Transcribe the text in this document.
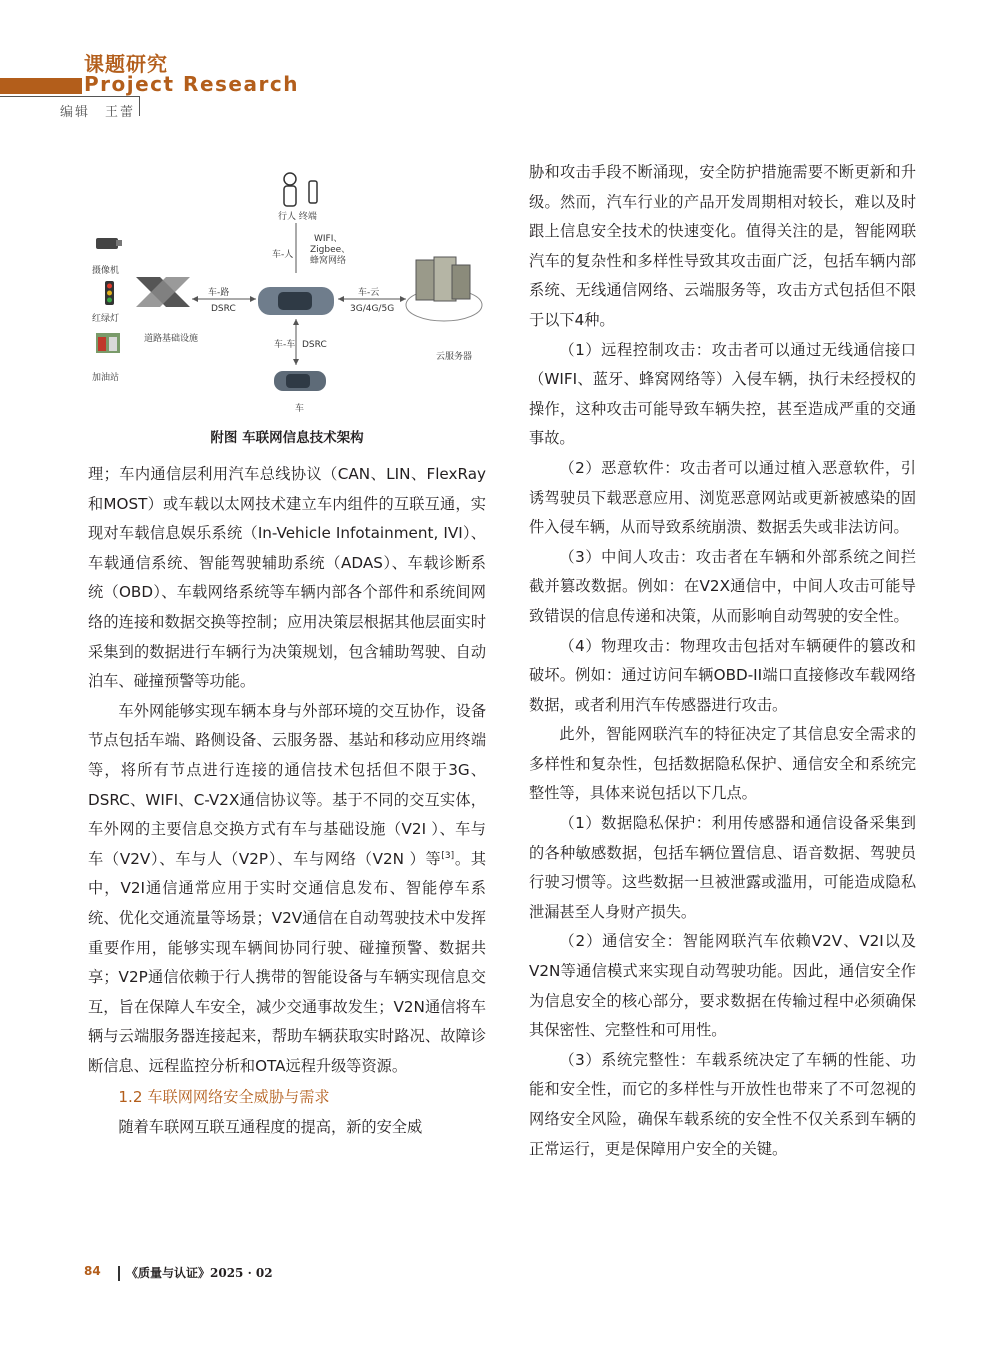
课题研究
Project Research
编辑　王蕾
行人 终端
车-人
WIFI、 Zigbee、蜂窝网络
摄像机
红绿灯
加油站
道路基础设施
车-路
DSRC
车-云
3G/4G/5G
云服务器
车-车 DSRC
车
附图 车联网信息技术架构

理；车内通信层利用汽车总线协议（CAN、LIN、FlexRay和MOST）或车载以太网技术建立车内组件的互联互通，实现对车载信息娱乐系统（In-Vehicle Infotainment, IVI）、车载通信系统、智能驾驶辅助系统（ADAS）、车载诊断系统（OBD）、车载网络系统等车辆内部各个部件和系统间网络的连接和数据交换等控制；应用决策层根据其他层面实时采集到的数据进行车辆行为决策规划，包含辅助驾驶、自动泊车、碰撞预警等功能。

车外网能够实现车辆本身与外部环境的交互协作，设备节点包括车端、路侧设备、云服务器、基站和移动应用终端等，将所有节点进行连接的通信技术包括但不限于3G、DSRC、WIFI、C-V2X通信协议等。基于不同的交互实体，车外网的主要信息交换方式有车与基础设施（V2I ）、车与车（V2V）、车与人（V2P）、车与网络（V2N ）等[3]。其中，V2I通信通常应用于实时交通信息发布、智能停车系统、优化交通流量等场景；V2V通信在自动驾驶技术中发挥重要作用，能够实现车辆间协同行驶、碰撞预警、数据共享；V2P通信依赖于行人携带的智能设备与车辆实现信息交互，旨在保障人车安全，减少交通事故发生；V2N通信将车辆与云端服务器连接起来，帮助车辆获取实时路况、故障诊断信息、远程监控分析和OTA远程升级等资源。

1.2 车联网网络安全威胁与需求

随着车联网互联互通程度的提高，新的安全威

胁和攻击手段不断涌现，安全防护措施需要不断更新和升级。然而，汽车行业的产品开发周期相对较长，难以及时跟上信息安全技术的快速变化。值得关注的是，智能网联汽车的复杂性和多样性导致其攻击面广泛，包括车辆内部系统、无线通信网络、云端服务等，攻击方式包括但不限于以下4种。

（1）远程控制攻击：攻击者可以通过无线通信接口（WIFI、蓝牙、蜂窝网络等）入侵车辆，执行未经授权的操作，这种攻击可能导致车辆失控，甚至造成严重的交通事故。

（2）恶意软件：攻击者可以通过植入恶意软件，引诱驾驶员下载恶意应用、浏览恶意网站或更新被感染的固件入侵车辆，从而导致系统崩溃、数据丢失或非法访问。

（3）中间人攻击：攻击者在车辆和外部系统之间拦截并篡改数据。例如：在V2X通信中，中间人攻击可能导致错误的信息传递和决策，从而影响自动驾驶的安全性。

（4）物理攻击：物理攻击包括对车辆硬件的篡改和破坏。例如：通过访问车辆OBD-II端口直接修改车载网络数据，或者利用汽车传感器进行攻击。

此外，智能网联汽车的特征决定了其信息安全需求的多样性和复杂性，包括数据隐私保护、通信安全和系统完整性等，具体来说包括以下几点。

（1）数据隐私保护：利用传感器和通信设备采集到的各种敏感数据，包括车辆位置信息、语音数据、驾驶员行驶习惯等。这些数据一旦被泄露或滥用，可能造成隐私泄漏甚至人身财产损失。

（2）通信安全：智能网联汽车依赖V2V、V2I以及V2N等通信模式来实现自动驾驶功能。因此，通信安全作为信息安全的核心部分，要求数据在传输过程中必须确保其保密性、完整性和可用性。

（3）系统完整性：车载系统决定了车辆的性能、功能和安全性，而它的多样性与开放性也带来了不可忽视的网络安全风险，确保车载系统的安全性不仅关系到车辆的正常运行，更是保障用户安全的关键。

84 《质量与认证》2025 · 02
